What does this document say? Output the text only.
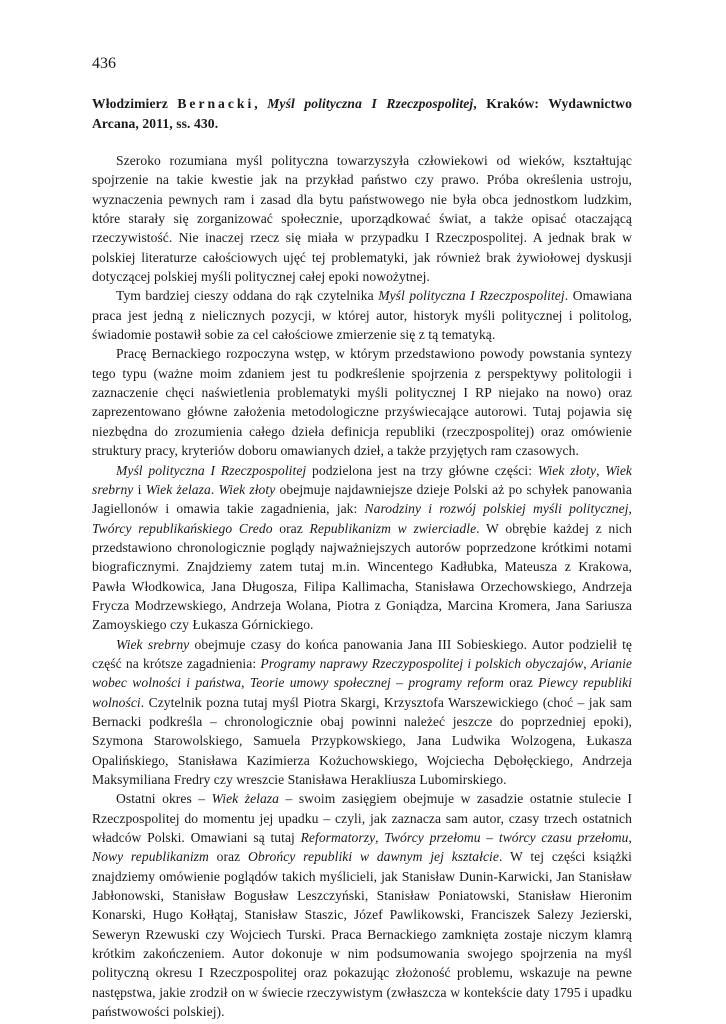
436
Włodzimierz Bernacki, Myśl polityczna I Rzeczpospolitej, Kraków: Wydawnictwo Arcana, 2011, ss. 430.

Szeroko rozumiana myśl polityczna towarzyszyła człowiekowi od wieków, kształtując spojrzenie na takie kwestie jak na przykład państwo czy prawo. Próba określenia ustroju, wyznaczenia pewnych ram i zasad dla bytu państwowego nie była obca jednostkom ludzkim, które starały się zorganizować społecznie, uporządkować świat, a także opisać otaczającą rzeczywistość. Nie inaczej rzecz się miała w przypadku I Rzeczpospolitej. A jednak brak w polskiej literaturze całościowych ujęć tej problematyki, jak również brak żywiołowej dyskusji dotyczącej polskiej myśli politycznej całej epoki nowożytnej.

Tym bardziej cieszy oddana do rąk czytelnika Myśl polityczna I Rzeczpospolitej. Omawiana praca jest jedną z nielicznych pozycji, w której autor, historyk myśli politycznej i politolog, świadomie postawił sobie za cel całościowe zmierzenie się z tą tematyką.

Pracę Bernackiego rozpoczyna wstęp, w którym przedstawiono powody powstania syntezy tego typu (ważne moim zdaniem jest tu podkreślenie spojrzenia z perspektywy politologii i zaznaczenie chęci naświetlenia problematyki myśli politycznej I RP niejako na nowo) oraz zaprezentowano główne założenia metodologiczne przyświecające autorowi. Tutaj pojawia się niezbędna do zrozumienia całego dzieła definicja republiki (rzeczpospolitej) oraz omówienie struktury pracy, kryteriów doboru omawianych dzieł, a także przyjętych ram czasowych.

Myśl polityczna I Rzeczpospolitej podzielona jest na trzy główne części: Wiek złoty, Wiek srebrny i Wiek żelaza. Wiek złoty obejmuje najdawniejsze dzieje Polski aż po schyłek panowania Jagiellonów i omawia takie zagadnienia, jak: Narodziny i rozwój polskiej myśli politycznej, Twórcy republikańskiego Credo oraz Republikanizm w zwierciadle. W obrębie każdej z nich przedstawiono chronologicznie poglądy najważniejszych autorów poprzedzone krótkimi notami biograficznymi. Znajdziemy zatem tutaj m.in. Wincentego Kadłubka, Mateusza z Krakowa, Pawła Włodkowica, Jana Długosza, Filipa Kallimacha, Stanisława Orzechowskiego, Andrzeja Frycza Modrzewskiego, Andrzeja Wolana, Piotra z Goniądza, Marcina Kromera, Jana Sariusza Zamoyskiego czy Łukasza Górnickiego.

Wiek srebrny obejmuje czasy do końca panowania Jana III Sobieskiego. Autor podzielił tę część na krótsze zagadnienia: Programy naprawy Rzeczypospolitej i polskich obyczajów, Arianie wobec wolności i państwa, Teorie umowy społecznej – programy reform oraz Piewcy republiki wolności. Czytelnik pozna tutaj myśl Piotra Skargi, Krzysztofa Warszewickiego (choć – jak sam Bernacki podkreśla – chronologicznie obaj powinni należeć jeszcze do poprzedniej epoki), Szymona Starowolskiego, Samuela Przypkowskiego, Jana Ludwika Wolzogena, Łukasza Opalińskiego, Stanisława Kazimierza Kożuchowskiego, Wojciecha Dębołęckiego, Andrzeja Maksymiliana Fredry czy wreszcie Stanisława Herakliusza Lubomirskiego.

Ostatni okres – Wiek żelaza – swoim zasięgiem obejmuje w zasadzie ostatnie stulecie I Rzeczpospolitej do momentu jej upadku – czyli, jak zaznacza sam autor, czasy trzech ostatnich władców Polski. Omawiani są tutaj Reformatorzy, Twórcy przełomu – twórcy czasu przełomu, Nowy republikanizm oraz Obrońcy republiki w dawnym jej kształcie. W tej części książki znajdziemy omówienie poglądów takich myślicieli, jak Stanisław Dunin-Karwicki, Jan Stanisław Jabłonowski, Stanisław Bogusław Leszczyński, Stanisław Poniatowski, Stanisław Hieronim Konarski, Hugo Kołłątaj, Stanisław Staszic, Józef Pawlikowski, Franciszek Salezy Jezierski, Seweryn Rzewuski czy Wojciech Turski. Praca Bernackiego zamknięta zostaje niczym klamrą krótkim zakończeniem. Autor dokonuje w nim podsumowania swojego spojrzenia na myśl polityczną okresu I Rzeczpospolitej oraz pokazując złożoność problemu, wskazuje na pewne następstwa, jakie zrodził on w świecie rzeczywistym (zwłaszcza w kontekście daty 1795 i upadku państwowości polskiej).
